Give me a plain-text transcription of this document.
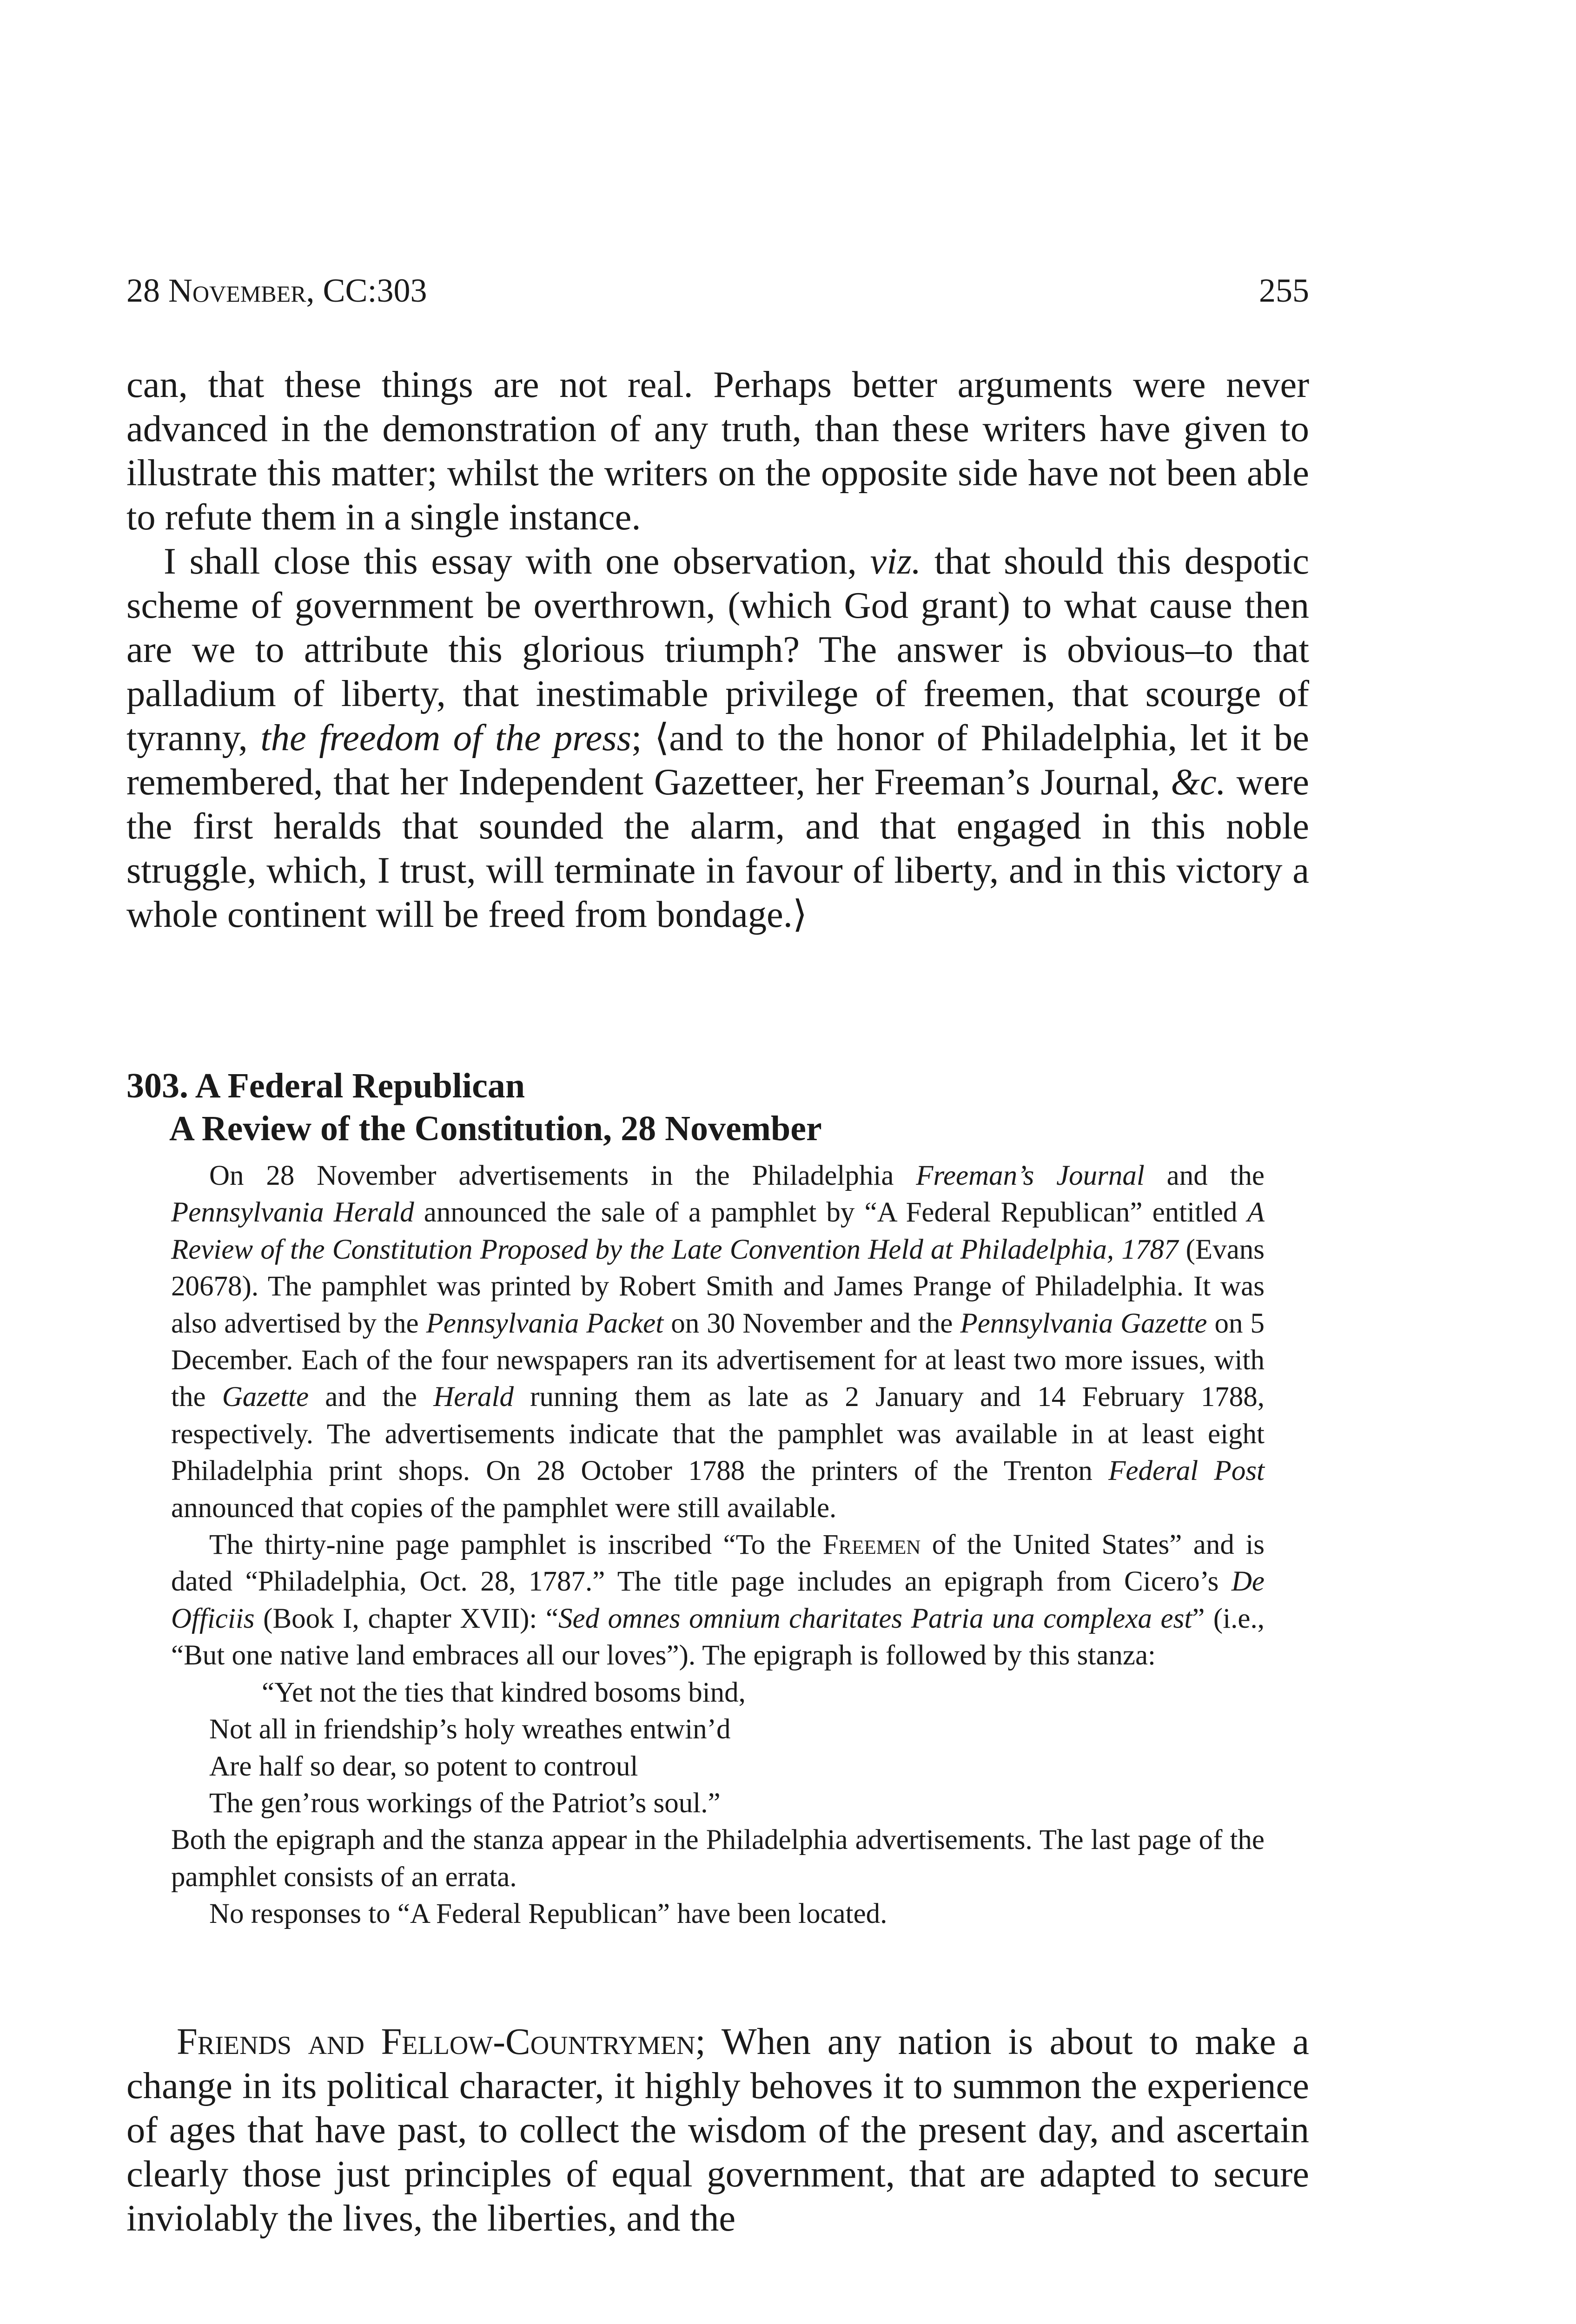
28 November, CC:303	255

can, that these things are not real. Perhaps better arguments were never advanced in the demonstration of any truth, than these writers have given to illustrate this matter; whilst the writers on the opposite side have not been able to refute them in a single instance.

I shall close this essay with one observation, viz. that should this despotic scheme of government be overthrown, (which God grant) to what cause then are we to attribute this glorious triumph? The answer is obvious–to that palladium of liberty, that inestimable privilege of freemen, that scourge of tyranny, the freedom of the press; ⟨and to the honor of Philadelphia, let it be remembered, that her Independent Gazetteer, her Freeman’s Journal, &c. were the first heralds that sounded the alarm, and that engaged in this noble struggle, which, I trust, will terminate in favour of liberty, and in this victory a whole continent will be freed from bondage.⟩

303. A Federal Republican
A Review of the Constitution, 28 November

On 28 November advertisements in the Philadelphia Freeman’s Journal and the Pennsylvania Herald announced the sale of a pamphlet by “A Federal Republican” entitled A Review of the Constitution Proposed by the Late Convention Held at Philadelphia, 1787 (Evans 20678). The pamphlet was printed by Robert Smith and James Prange of Philadelphia. It was also advertised by the Pennsylvania Packet on 30 November and the Pennsylvania Gazette on 5 December. Each of the four newspapers ran its advertisement for at least two more issues, with the Gazette and the Herald running them as late as 2 January and 14 February 1788, respectively. The advertisements indicate that the pamphlet was available in at least eight Philadelphia print shops. On 28 October 1788 the printers of the Trenton Federal Post announced that copies of the pamphlet were still available.

The thirty-nine page pamphlet is inscribed “To the Freemen of the United States” and is dated “Philadelphia, Oct. 28, 1787.” The title page includes an epigraph from Cicero’s De Officiis (Book I, chapter XVII): “Sed omnes omnium charitates Patria una complexa est” (i.e., “But one native land embraces all our loves”). The epigraph is followed by this stanza:

“Yet not the ties that kindred bosoms bind,
Not all in friendship’s holy wreathes entwin’d
Are half so dear, so potent to controul
The gen’rous workings of the Patriot’s soul.”

Both the epigraph and the stanza appear in the Philadelphia advertisements. The last page of the pamphlet consists of an errata.

No responses to “A Federal Republican” have been located.

Friends and Fellow-Countrymen; When any nation is about to make a change in its political character, it highly behoves it to summon the experience of ages that have past, to collect the wisdom of the present day, and ascertain clearly those just principles of equal government, that are adapted to secure inviolably the lives, the liberties, and the
